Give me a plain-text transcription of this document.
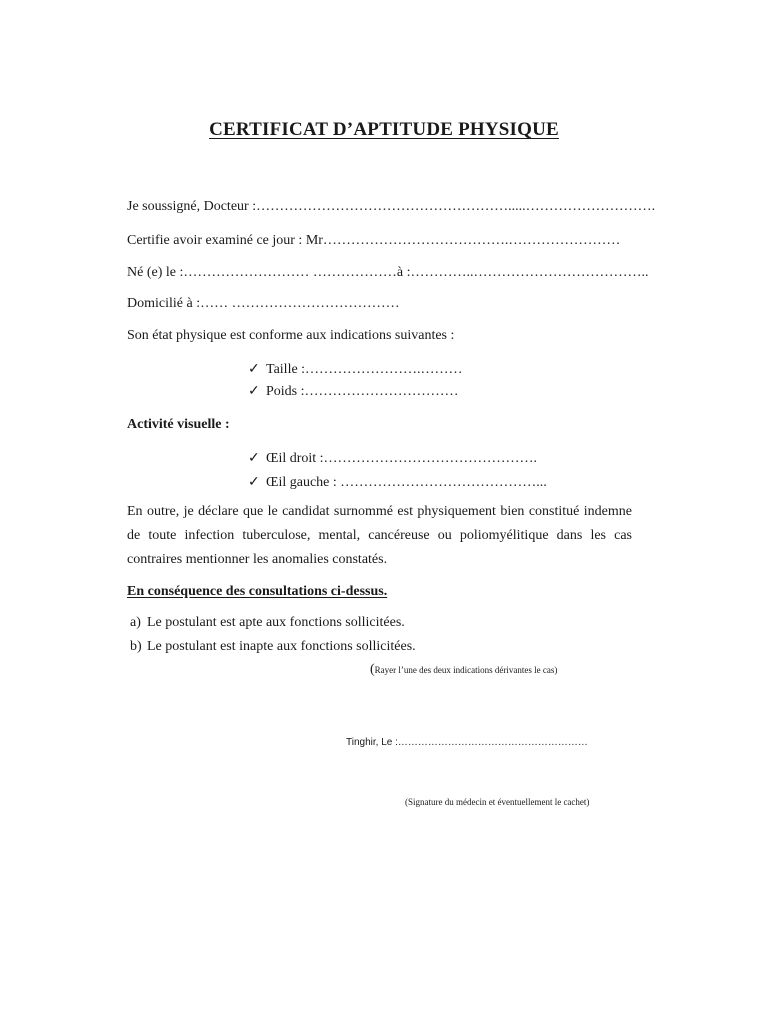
CERTIFICAT D’APTITUDE PHYSIQUE
Je soussigné, Docteur :……………………………………………….....……………………….
Certifie avoir examiné ce jour : Mr………………………………….……………………
Né (e) le :……………………… ………………à :…………..………………………………..
Domicilié à :…… ………………………………
Son état physique est conforme aux indications suivantes :
✓ Taille :…………………….………
✓ Poids :……………………………
Activité visuelle :
✓ Œil droit :……………………………………….
✓ Œil gauche : ……………………………………...
En outre, je déclare que le candidat surnommé est physiquement bien constitué indemne de toute infection tuberculose, mental, cancéreuse ou poliomyélitique dans les cas contraires mentionner les anomalies constatés.
En conséquence des consultations ci-dessus.
a) Le postulant est apte aux fonctions sollicitées.
b) Le postulant est inapte aux fonctions sollicitées.
(Rayer l’une des deux indications dérivantes le cas)
Tinghir, Le :…………………………………………………
(Signature du médecin et éventuellement le cachet)
